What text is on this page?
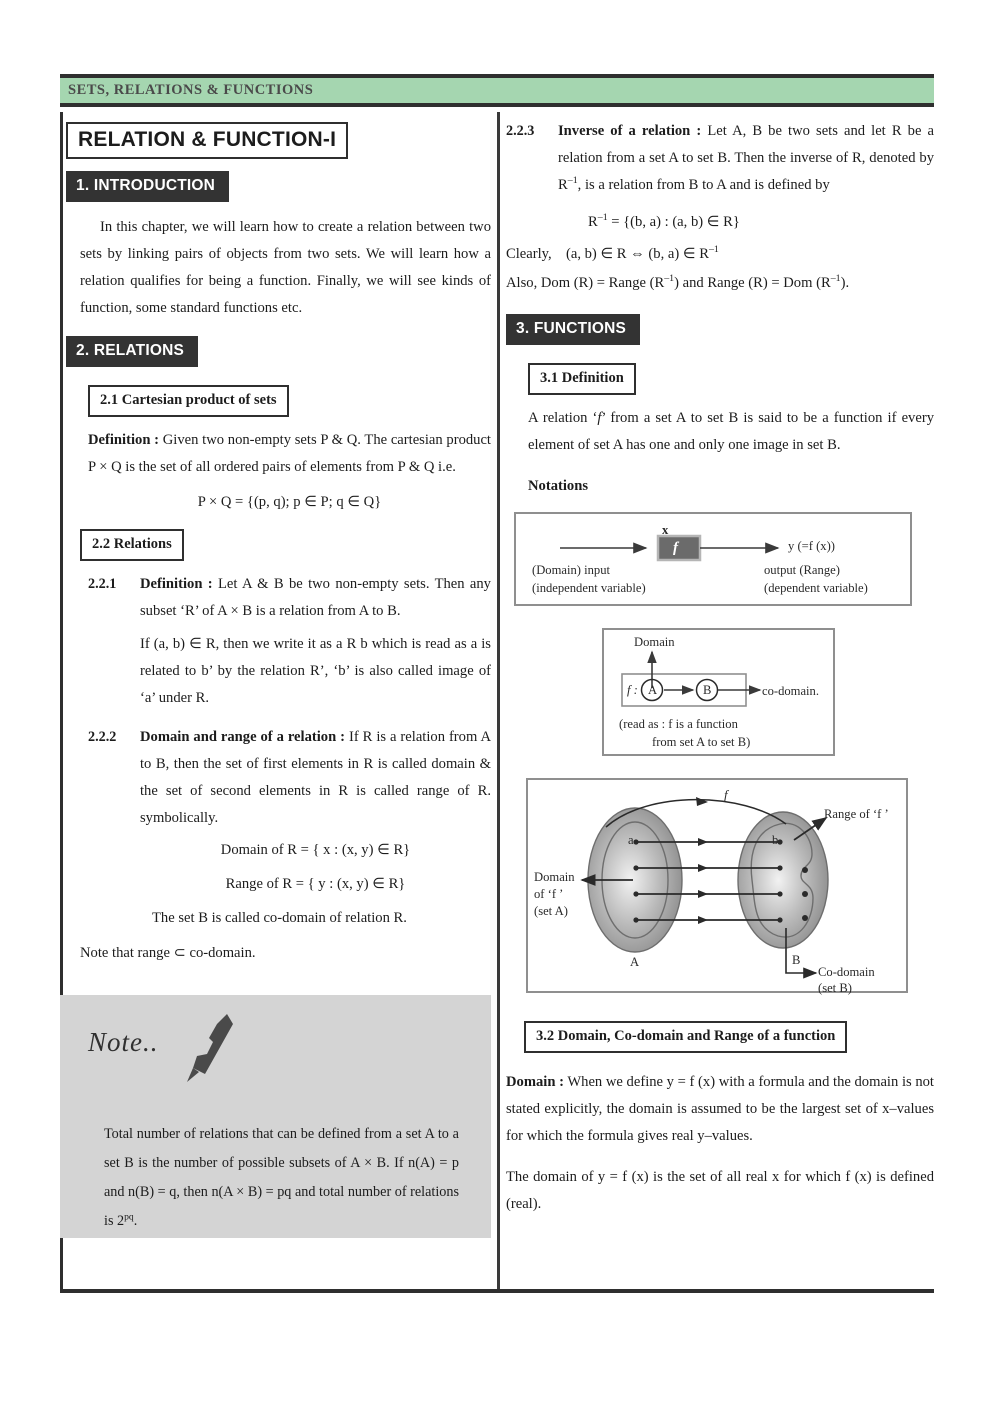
SETS, RELATIONS & FUNCTIONS
RELATION & FUNCTION-I
1. INTRODUCTION

In this chapter, we will learn how to create a relation between two sets by linking pairs of objects from two sets. We will learn how a relation qualifies for being a function. Finally, we will see kinds of function, some standard functions etc.

2. RELATIONS
2.1 Cartesian product of sets

Definition : Given two non-empty sets P & Q. The cartesian product P × Q is the set of all ordered pairs of elements from P & Q i.e.

P × Q = {(p, q); p ∈ P; q ∈ Q}
2.2 Relations
2.2.1	Definition : Let A & B be two non-empty sets. Then any subset ‘R’ of A × B is a relation from A to B.

If (a, b) ∈ R, then we write it as a R b which is read as a is related to b’ by the relation R’, ‘b’ is also called image of ‘a’ under R.

2.2.2	Domain and range of a relation : If R is a relation from A to B, then the set of first elements in R is called domain & the set of second elements in R is called range of R. symbolically.

Domain of R = { x : (x, y) ∈ R}
Range of R = { y : (x, y) ∈ R}

The set B is called co-domain of relation R.

Note that range ⊂ co-domain.

Note..
Total number of relations that can be defined from a set A to a set B is the number of possible subsets of A × B. If n(A) = p and n(B) = q, then n(A × B) = pq and total number of relations is $2^{pq}$.
2.2.3	Inverse of a relation : Let A, B be two sets and let R be a relation from a set A to set B. Then the inverse of R, denoted by $R^{-1}$, is a relation from B to A and is defined by

$R^{-1} = \{(b$, a) : (a, b) ∈ R}
Clearly, (a, b) ∈ R ⇔ (b, a) ∈ $R^{-1}$
Also, Dom (R) = Range $(R^{-1})$ and Range (R) = Dom $(R^{-1})$.
3. FUNCTIONS
3.1 Definition

A relation ‘f’ from a set A to set B is said to be a function if every element of set A has one and only one image in set B.

Notations

x
f	y (=f (x))
(Domain) input
(independent variable)
output (Range)
(dependent variable)
Domain
f : A	B	co-domain.
(read as : f is a function
from set A to set B)
f
Range of ‘f ’
a	b
Domain
of ‘f ’
(set A)
A	B
Co-domain
(set B)
3.2 Domain, Co-domain and Range of a function

Domain : When we define y = f (x) with a formula and the domain is not stated explicitly, the domain is assumed to be the largest set of x–values for which the formula gives real y–values.

The domain of y = f (x) is the set of all real x for which f (x) is defined (real).
